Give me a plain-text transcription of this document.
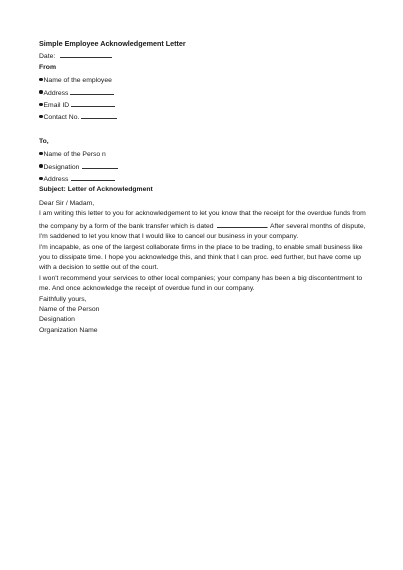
Simple Employee Acknowledgement Letter
Date:
From
Name of the employee
Address
Email ID
Contact No.
To,
Name of the Perso n
Designation
Address
Subject: Letter of Acknowledgment
Dear Sir / Madam,
I am writing this letter to you for acknowledgement to let you know that the receipt for the overdue funds from
the company by a form of the bank transfer which is dated	. After several months of dispute,
I'm saddened to let you know that I would like to cancel our business in your company.
I'm incapable, as one of the largest collaborate firms in the place to be trading, to enable small business like
you to dissipate time. I hope you acknowledge this, and think that I can proc. eed further, but have come up
with a decision to settle out of the court.
I won't recommend your services to other local companies; your company has been a big discontentment to
me. And once acknowledge the receipt of overdue fund in our company.
Faithfully yours,
Name of the Person
Designation
Organization Name
